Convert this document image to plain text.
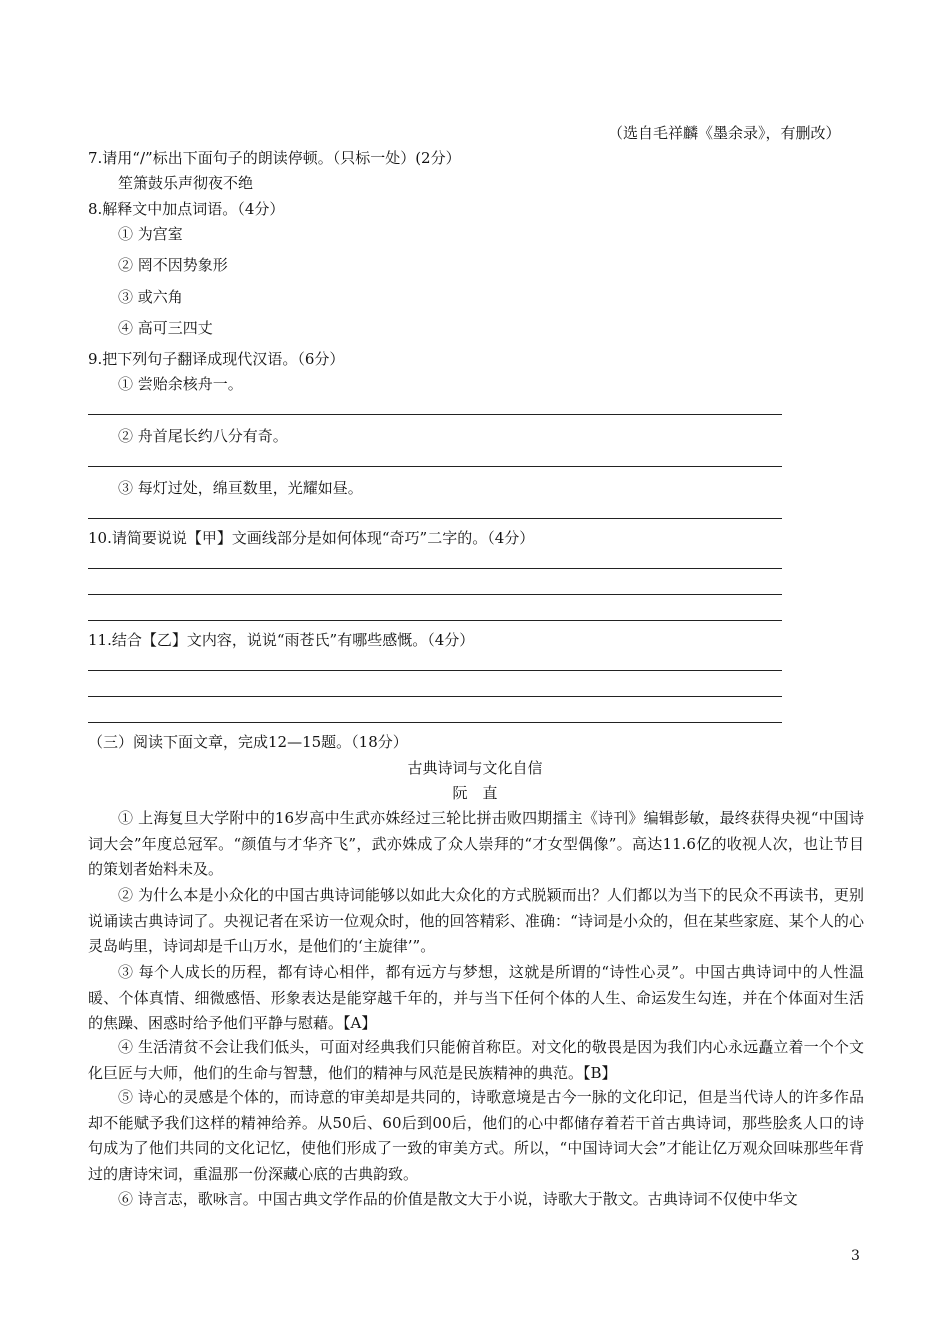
（选自毛祥麟《墨余录》，有删改）
7.请用“/”标出下面句子的朗读停顿。（只标一处）(2分）
笙箫鼓乐声彻夜不绝
8.解释文中加点词语。（4分）
① 为宫室
② 罔不因势象形
③ 或六角
④ 高可三四丈
9.把下列句子翻译成现代汉语。（6分）
① 尝贻余核舟一。
② 舟首尾长约八分有奇。
③ 每灯过处，绵亘数里，光耀如昼。
10.请简要说说【甲】文画线部分是如何体现“奇巧”二字的。（4分）
11.结合【乙】文内容，说说“雨苍氏”有哪些感慨。（4分）
（三）阅读下面文章，完成12—15题。（18分）
古典诗词与文化自信
阮　直
① 上海复旦大学附中的16岁高中生武亦姝经过三轮比拼击败四期擂主《诗刊》编辑彭敏，最终获得央视“中国诗词大会”年度总冠军。“颜值与才华齐飞”，武亦姝成了众人崇拜的“才女型偶像”。高达11.6亿的收视人次，也让节目的策划者始料未及。
② 为什么本是小众化的中国古典诗词能够以如此大众化的方式脱颖而出？人们都以为当下的民众不再读书，更别说诵读古典诗词了。央视记者在采访一位观众时，他的回答精彩、准确：“诗词是小众的，但在某些家庭、某个人的心灵岛屿里，诗词却是千山万水，是他们的‘主旋律’”。
③ 每个人成长的历程，都有诗心相伴，都有远方与梦想，这就是所谓的“诗性心灵”。中国古典诗词中的人性温暖、个体真情、细微感悟、形象表达是能穿越千年的，并与当下任何个体的人生、命运发生勾连，并在个体面对生活的焦躁、困惑时给予他们平静与慰藉。【A】
④ 生活清贫不会让我们低头，可面对经典我们只能俯首称臣。对文化的敬畏是因为我们内心永远矗立着一个个文化巨匠与大师，他们的生命与智慧，他们的精神与风范是民族精神的典范。【B】
⑤ 诗心的灵感是个体的，而诗意的审美却是共同的，诗歌意境是古今一脉的文化印记，但是当代诗人的许多作品却不能赋予我们这样的精神给养。从50后、60后到00后，他们的心中都储存着若干首古典诗词，那些脍炙人口的诗句成为了他们共同的文化记忆，使他们形成了一致的审美方式。所以，“中国诗词大会”才能让亿万观众回味那些年背过的唐诗宋词，重温那一份深藏心底的古典韵致。
⑥ 诗言志，歌咏言。中国古典文学作品的价值是散文大于小说，诗歌大于散文。古典诗词不仅使中华文
3
